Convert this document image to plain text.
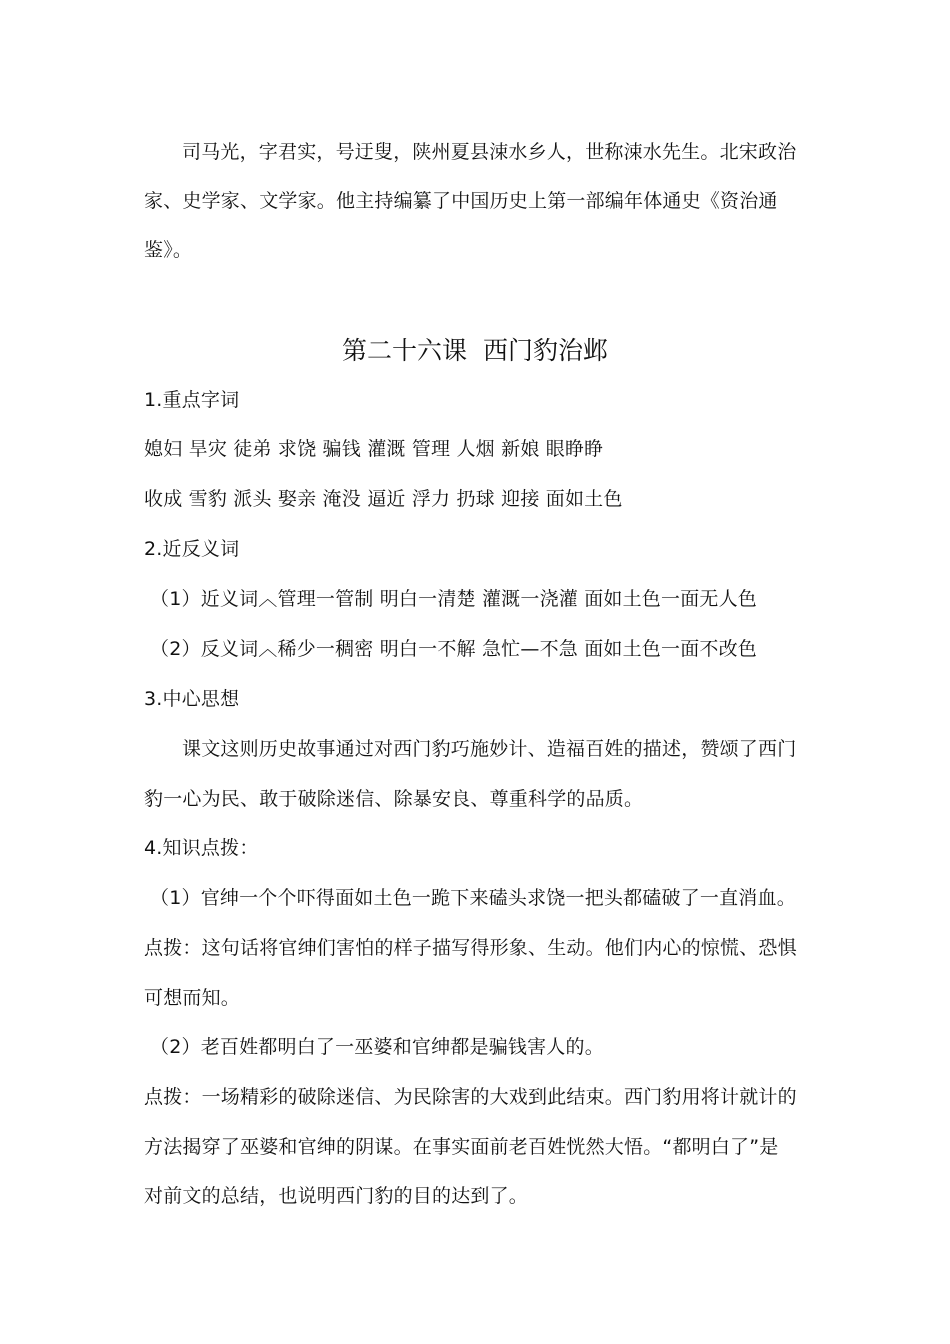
司马光，字君实，号迂叟，陕州夏县涑水乡人，世称涑水先生。北宋政治
家、史学家、文学家。他主持编纂了中国历史上第一部编年体通史《资治通
鉴》。
第二十六课  西门豹治邺
1.重点字词
媳妇 旱灾 徒弟 求饶 骗钱 灌溉 管理 人烟 新娘 眼睁睁
收成 雪豹 派头 娶亲 淹没 逼近 浮力 扔球 迎接 面如土色
2.近反义词
（1）近义词︿管理一管制 明白一清楚 灌溉一浇灌 面如土色一面无人色
（2）反义词︿稀少一稠密 明白一不解 急忙—不急 面如土色一面不改色
3.中心思想
课文这则历史故事通过对西门豹巧施妙计、造福百姓的描述，赞颂了西门
豹一心为民、敢于破除迷信、除暴安良、尊重科学的品质。
4.知识点拨：
（1）官绅一个个吓得面如土色一跪下来磕头求饶一把头都磕破了一直消血。
点拨：这句话将官绅们害怕的样子描写得形象、生动。他们内心的惊慌、恐惧
可想而知。
（2）老百姓都明白了一巫婆和官绅都是骗钱害人的。
点拨：一场精彩的破除迷信、为民除害的大戏到此结束。西门豹用将计就计的
方法揭穿了巫婆和官绅的阴谋。在事实面前老百姓恍然大悟。“都明白了”是
对前文的总结，也说明西门豹的目的达到了。
